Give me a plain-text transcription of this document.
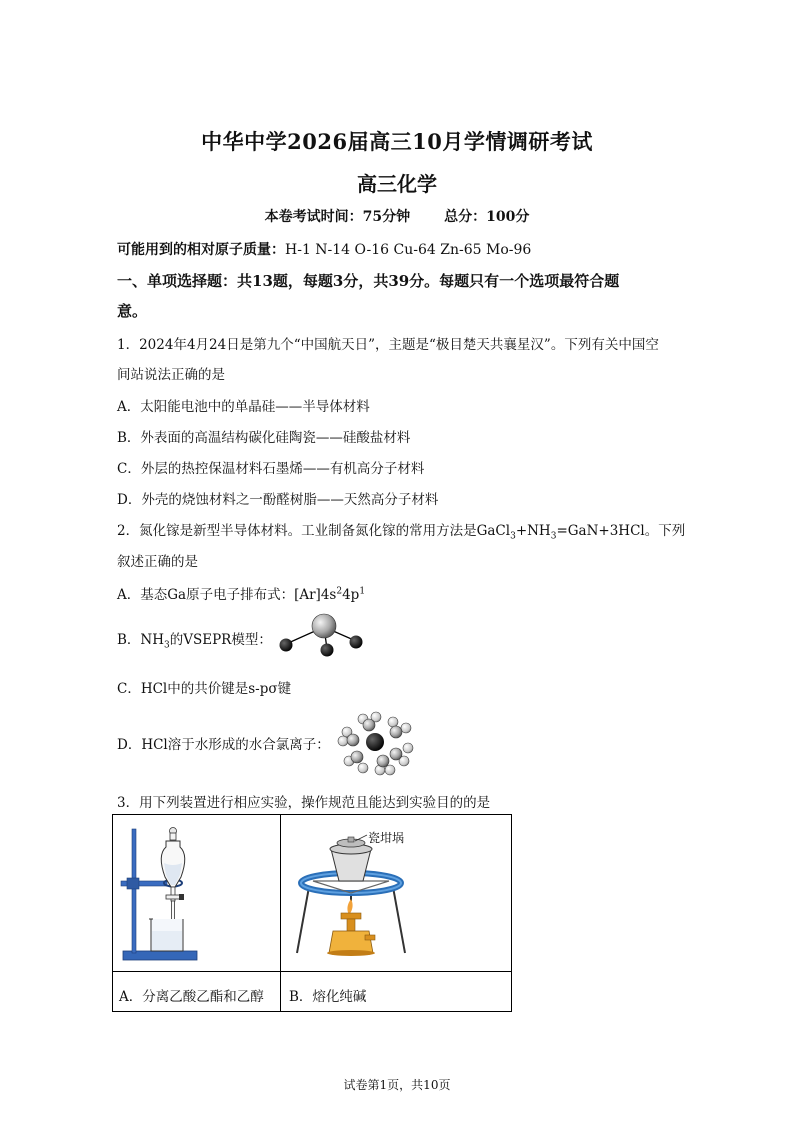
中华中学2026届高三10月学情调研考试
高三化学
本卷考试时间：75分钟 总分：100分
可能用到的相对原子质量：H-1 N-14 O-16 Cu-64 Zn-65 Mo-96
一、单项选择题：共13题，每题3分，共39分。每题只有一个选项最符合题
意。
1．2024年4月24日是第九个“中国航天日”，主题是“极目楚天共襄星汉”。下列有关中国空
间站说法正确的是
A．太阳能电池中的单晶硅——半导体材料
B．外表面的高温结构碳化硅陶瓷——硅酸盐材料
C．外层的热控保温材料石墨烯——有机高分子材料
D．外壳的烧蚀材料之一酚醛树脂——天然高分子材料
2．氮化镓是新型半导体材料。工业制备氮化镓的常用方法是$GaCl_3+NH_3=GaN+3HCl$。下列
叙述正确的是
A．基态Ga原子电子排布式：$[Ar]4s^24p^1$
B．$NH_3$的VSEPR模型：
C．HCl中的共价键是s-pσ键
D．HCl溶于水形成的水合氯离子：
3．用下列装置进行相应实验，操作规范且能达到实验目的的是
瓷坩埚
A．分离乙酸乙酯和乙醇 B．熔化纯碱
试卷第1页，共10页
